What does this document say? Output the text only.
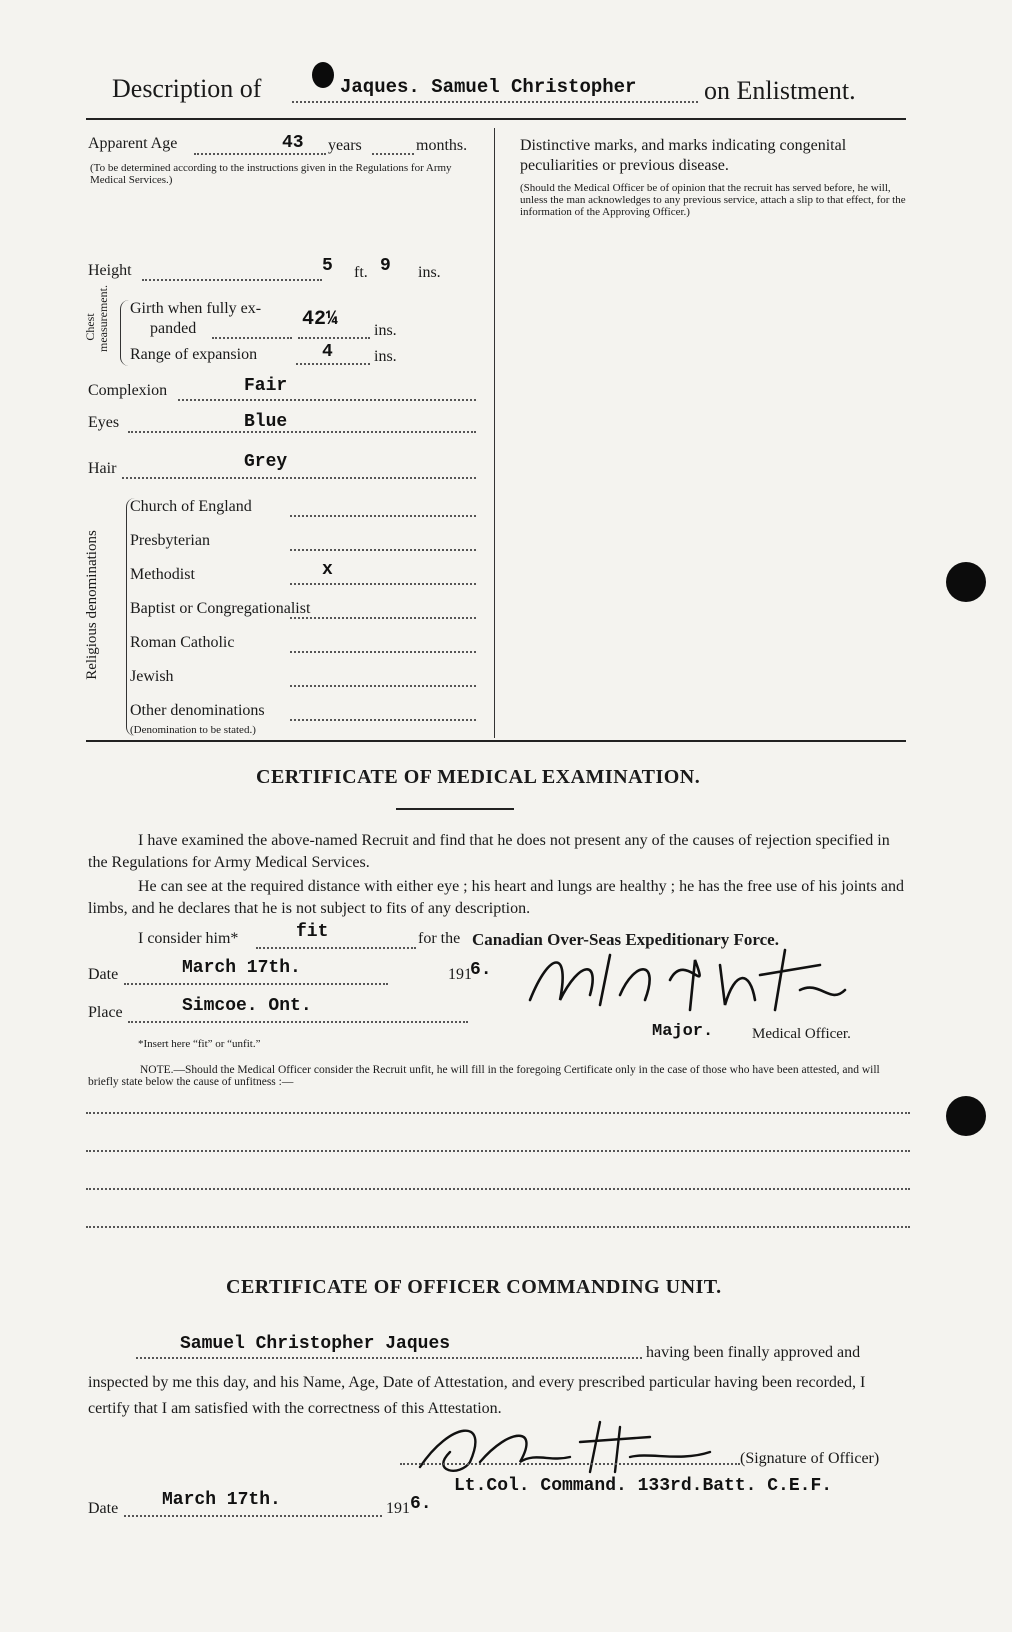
Description of	Jaques. Samuel Christopher	on Enlistment.
Apparent Age	43 years	months.
(To be determined according to the instructions given in the Regulations for Army Medical Services.)
Height	5 ft. 9 ins.
Chest measurement. Girth when fully ex-
panded	42¼ ins.
Range of expansion	4	ins.
Complexion	Fair
Eyes	Blue
Hair	Grey
Religious denominations
Church of England
Presbyterian
Methodist	x
Baptist or Congregationalist
Roman Catholic
Jewish
Other denominations
(Denomination to be stated.)
Distinctive marks, and marks indicating congenital peculiarities or previous disease.
(Should the Medical Officer be of opinion that the recruit has served before, he will, unless the man acknowledges to any previous service, attach a slip to that effect, for the information of the Approving Officer.)
CERTIFICATE OF MEDICAL EXAMINATION.
I have examined the above-named Recruit and find that he does not present any of the causes of rejection specified in the Regulations for Army Medical Services.
He can see at the required distance with either eye ; his heart and lungs are healthy ; he has the free use of his joints and limbs, and he declares that he is not subject to fits of any description.
I consider him*	fit	for the Canadian Over-Seas Expeditionary Force.
Date	March 17th.	191
6.
Place	Simcoe. Ont.
*Insert here “fit” or “unfit.”
Major.	Medical Officer.
NOTE.—Should the Medical Officer consider the Recruit unfit, he will fill in the foregoing Certificate only in the case of those who have been attested, and will briefly state below the cause of unfitness :—
CERTIFICATE OF OFFICER COMMANDING UNIT.
Samuel Christopher Jaques	having been finally approved and
inspected by me this day, and his Name, Age, Date of Attestation, and every prescribed particular having been recorded, I certify that I am satisfied with the correctness of this Attestation.
(Signature of Officer)
Date March 17th.	191 6.
Lt.Col. Command. 133rd.Batt. C.E.F.
